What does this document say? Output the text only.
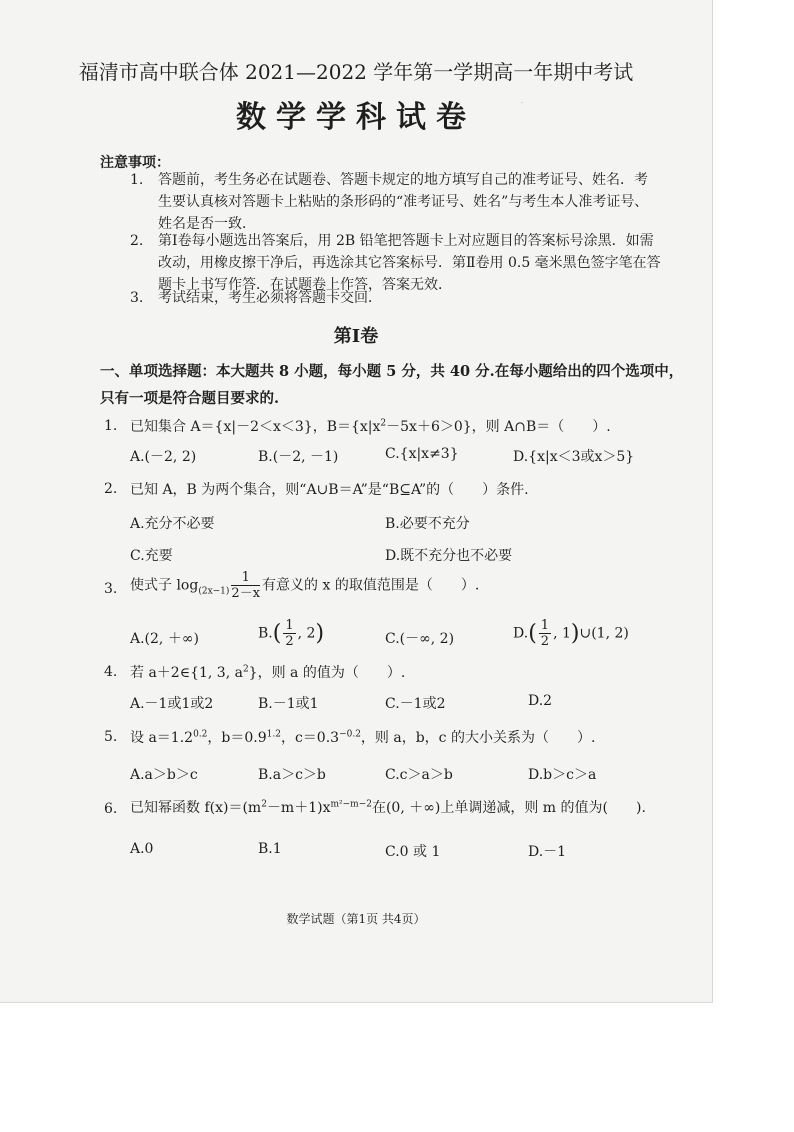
福清市高中联合体 2021—2022 学年第一学期高一年期中考试
数学学科试卷	·
注意事项：
1. 答题前，考生务必在试题卷、答题卡规定的地方填写自己的准考证号、姓名．考
生要认真核对答题卡上粘贴的条形码的“准考证号、姓名”与考生本人准考证号、
姓名是否一致．
2. 第Ⅰ卷每小题选出答案后，用 2B 铅笔把答题卡上对应题目的答案标号涂黑．如需
改动，用橡皮擦干净后，再选涂其它答案标号．第Ⅱ卷用 0.5 毫米黑色签字笔在答
题卡上书写作答．在试题卷上作答，答案无效．
3. 考试结束，考生必须将答题卡交回．
第Ⅰ卷
一、单项选择题：本大题共 8 小题，每小题 5 分，共 40 分.在每小题给出的四个选项中，
只有一项是符合题目要求的.
1. 已知集合 A＝{x|－2＜x＜3}，$B=\{x|x^2-5x+6>0\}$，则 A∩B＝（　　）.
A.(－2, 2)	B.(－2, －1)	C.{x|x≠3}	D.{x|x＜3或x＞5}
2. 已知 A，B 为两个集合，则“A∪B＝A”是“B⊆A”的（　　）条件.
A.充分不必要	B.必要不充分
C.充要	D.既不充分也不必要
3. 使式子 $\log_{(2x-1)} \frac{1}{2-x}$ 有意义的 x 的取值范围是（　　）.
A.(2, ＋∞)	$B.( \frac{1}{2}$ , 2)	C.(－∞, 2)	$D.( \frac{1}{2}$ , 1)∪(1, 2)
4. 若 a＋2∈{1, 3, $a^2$}，则 a 的值为（　　）.
A.－1或1或2	B.－1或1	C.－1或2	D.2
5. 设 $a=1.2^{0.2}$，$b=0.9^{1.2}$，$c=0.3^{-0.2}$，则 a，b，c 的大小关系为（　　）.
A.a＞b＞c	B.a＞c＞b	C.c＞a＞b	D.b＞c＞a
6. 已知幂函数 $f(x)=(m^2-m+1)x^{m^2-m-2}$在(0, ＋∞)上单调递减，则 m 的值为(　　).
A.0	B.1	C.0 或 1	D.－1
数学试题（第1页 共4页）
